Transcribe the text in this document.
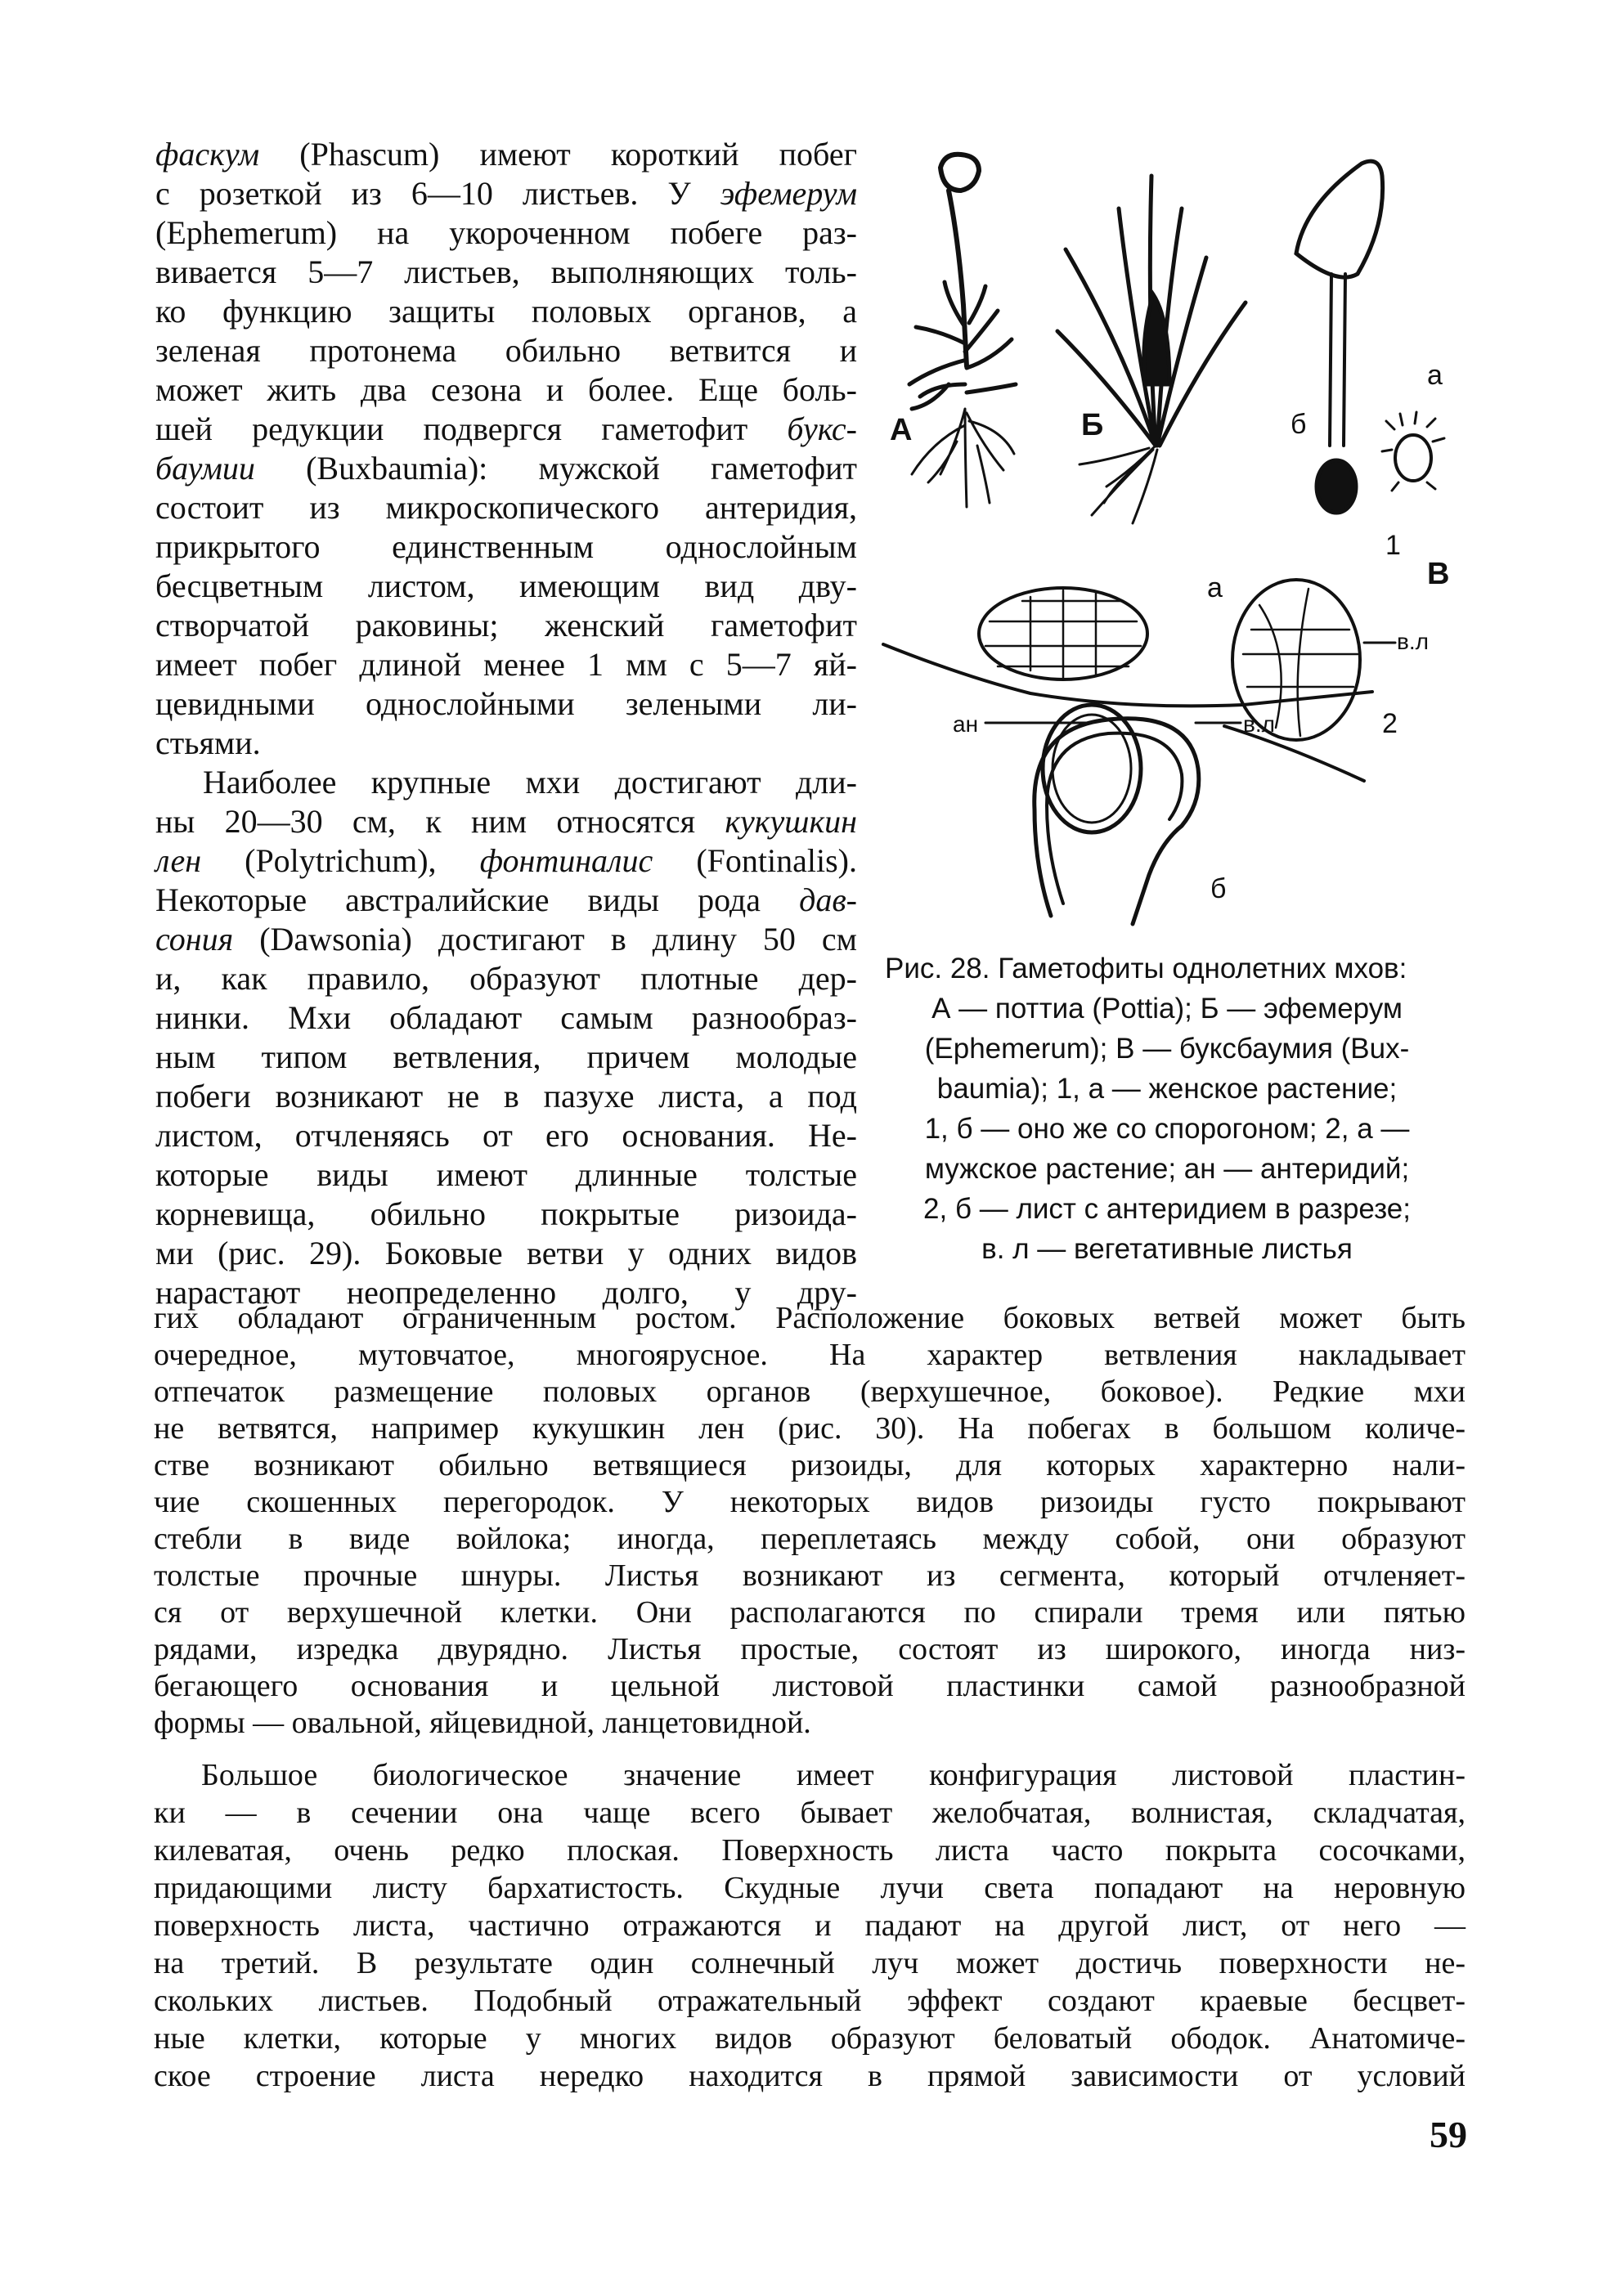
фаскум (Phascum) имеют короткий побег
с розеткой из 6—10 листьев. У эфемерум
(Ephemerum) на укороченном побеге раз-
вивается 5—7 листьев, выполняющих толь-
ко функцию защиты половых органов, а
зеленая протонема обильно ветвится и
может жить два сезона и более. Еще боль-
шей редукции подвергся гаметофит букс-
баумии (Buxbaumia): мужской гаметофит
состоит из микроскопического антеридия,
прикрытого единственным однослойным
бесцветным листом, имеющим вид дву-
створчатой раковины; женский гаметофит
имеет побег длиной менее 1 мм с 5—7 яй-
цевидными однослойными зелеными ли-
стьями.
Наиболее крупные мхи достигают дли-
ны 20—30 см, к ним относятся кукушкин
лен (Polytrichum), фонтиналис (Fontinalis).
Некоторые австралийские виды рода дав-
сония (Dawsonia) достигают в длину 50 см
и, как правило, образуют плотные дер-
нинки. Мхи обладают самым разнообраз-
ным типом ветвления, причем молодые
побеги возникают не в пазухе листа, а под
листом, отчленяясь от его основания. Не-
которые виды имеют длинные толстые
корневища, обильно покрытые ризоида-
ми (рис. 29). Боковые ветви у одних видов
нарастают неопределенно долго, у дру-
гих обладают ограниченным ростом. Расположение боковых ветвей может быть
очередное, мутовчатое, многоярусное. На характер ветвления накладывает
отпечаток размещение половых органов (верхушечное, боковое). Редкие мхи
не ветвятся, например кукушкин лен (рис. 30). На побегах в большом количе-
стве возникают обильно ветвящиеся ризоиды, для которых характерно нали-
чие скошенных перегородок. У некоторых видов ризоиды густо покрывают
стебли в виде войлока; иногда, переплетаясь между собой, они образуют
толстые прочные шнуры. Листья возникают из сегмента, который отчленяет-
ся от верхушечной клетки. Они располагаются по спирали тремя или пятью
рядами, изредка двурядно. Листья простые, состоят из широкого, иногда низ-
бегающего основания и цельной листовой пластинки самой разнообразной
формы — овальной, яйцевидной, ланцетовидной.
Большое биологическое значение имеет конфигурация листовой пластин-
ки — в сечении она чаще всего бывает желобчатая, волнистая, складчатая,
килеватая, очень редко плоская. Поверхность листа часто покрыта сосочками,
придающими листу бархатистость. Скудные лучи света попадают на неровную
поверхность листа, частично отражаются и падают на другой лист, от него —
на третий. В результате один солнечный луч может достичь поверхности не-
скольких листьев. Подобный отражательный эффект создают краевые бесцвет-
ные клетки, которые у многих видов образуют беловатый ободок. Анатомиче-
ское строение листа нередко находится в прямой зависимости от условий
А	Б	б
а
1
В
а
в.л
ан	в.л	2
б
Рис. 28. Гаметофиты однолетних мхов:
А — поттиа (Pottia); Б — эфемерум
(Ephemerum); В — буксбаумия (Bux-
baumia); 1, а — женское растение;
1, б — оно же со спорогоном; 2, а —
мужское растение; ан — антеридий;
2, б — лист с антеридием в разрезе;
в. л — вегетативные листья
59
